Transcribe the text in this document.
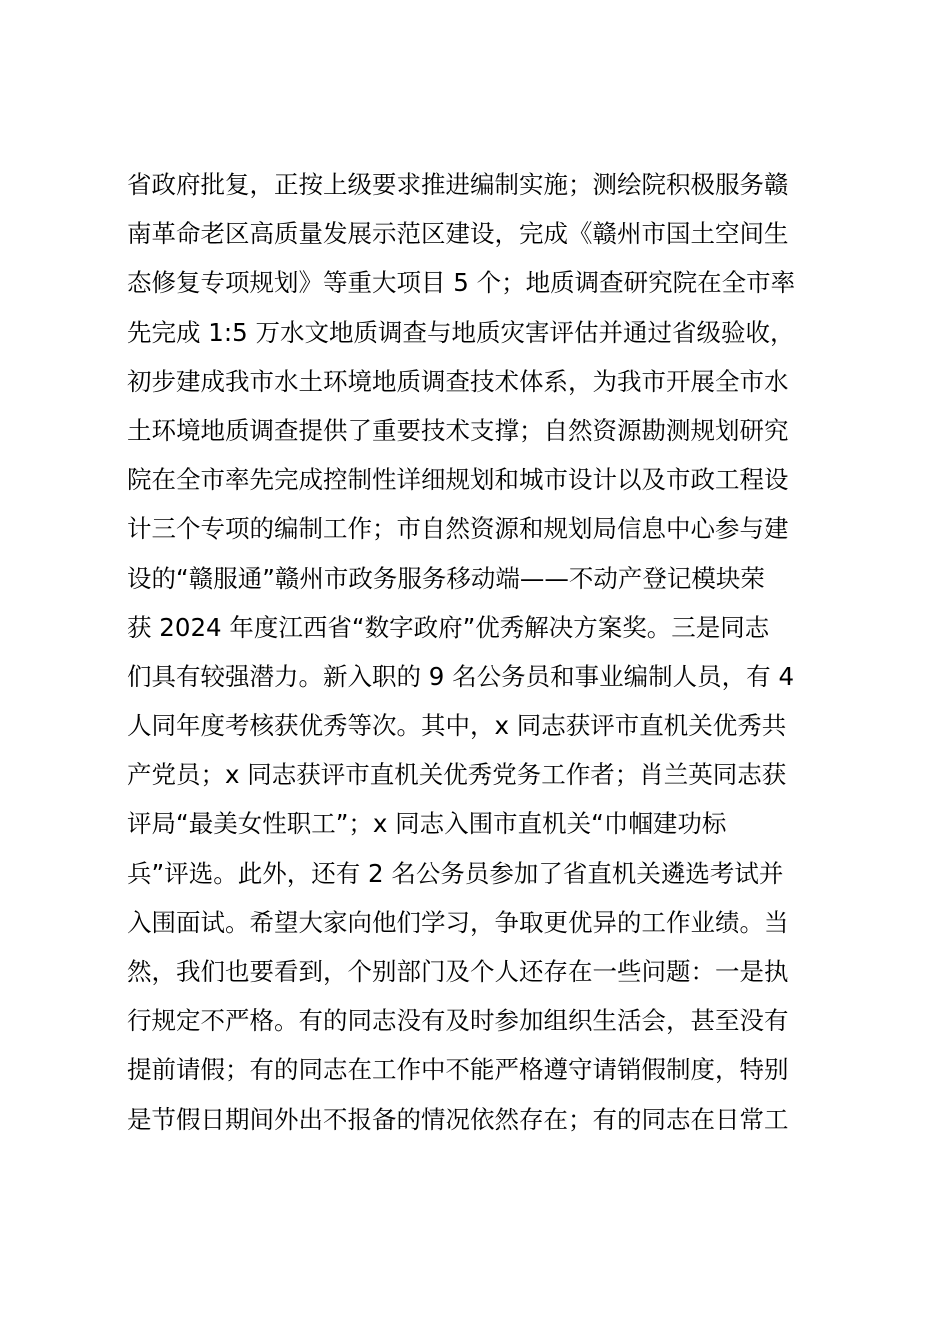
省政府批复，正按上级要求推进编制实施；测绘院积极服务赣
南革命老区高质量发展示范区建设，完成《赣州市国土空间生
态修复专项规划》等重大项目 5 个；地质调查研究院在全市率
先完成 1:5 万水文地质调查与地质灾害评估并通过省级验收，
初步建成我市水土环境地质调查技术体系，为我市开展全市水
土环境地质调查提供了重要技术支撑；自然资源勘测规划研究
院在全市率先完成控制性详细规划和城市设计以及市政工程设
计三个专项的编制工作；市自然资源和规划局信息中心参与建
设的“赣服通”赣州市政务服务移动端——不动产登记模块荣
获 2024 年度江西省“数字政府”优秀解决方案奖。三是同志
们具有较强潜力。新入职的 9 名公务员和事业编制人员，有 4
人同年度考核获优秀等次。其中，x 同志获评市直机关优秀共
产党员；x 同志获评市直机关优秀党务工作者；肖兰英同志获
评局“最美女性职工”；x 同志入围市直机关“巾帼建功标
兵”评选。此外，还有 2 名公务员参加了省直机关遴选考试并
入围面试。希望大家向他们学习，争取更优异的工作业绩。当
然，我们也要看到，个别部门及个人还存在一些问题：一是执
行规定不严格。有的同志没有及时参加组织生活会，甚至没有
提前请假；有的同志在工作中不能严格遵守请销假制度，特别
是节假日期间外出不报备的情况依然存在；有的同志在日常工
